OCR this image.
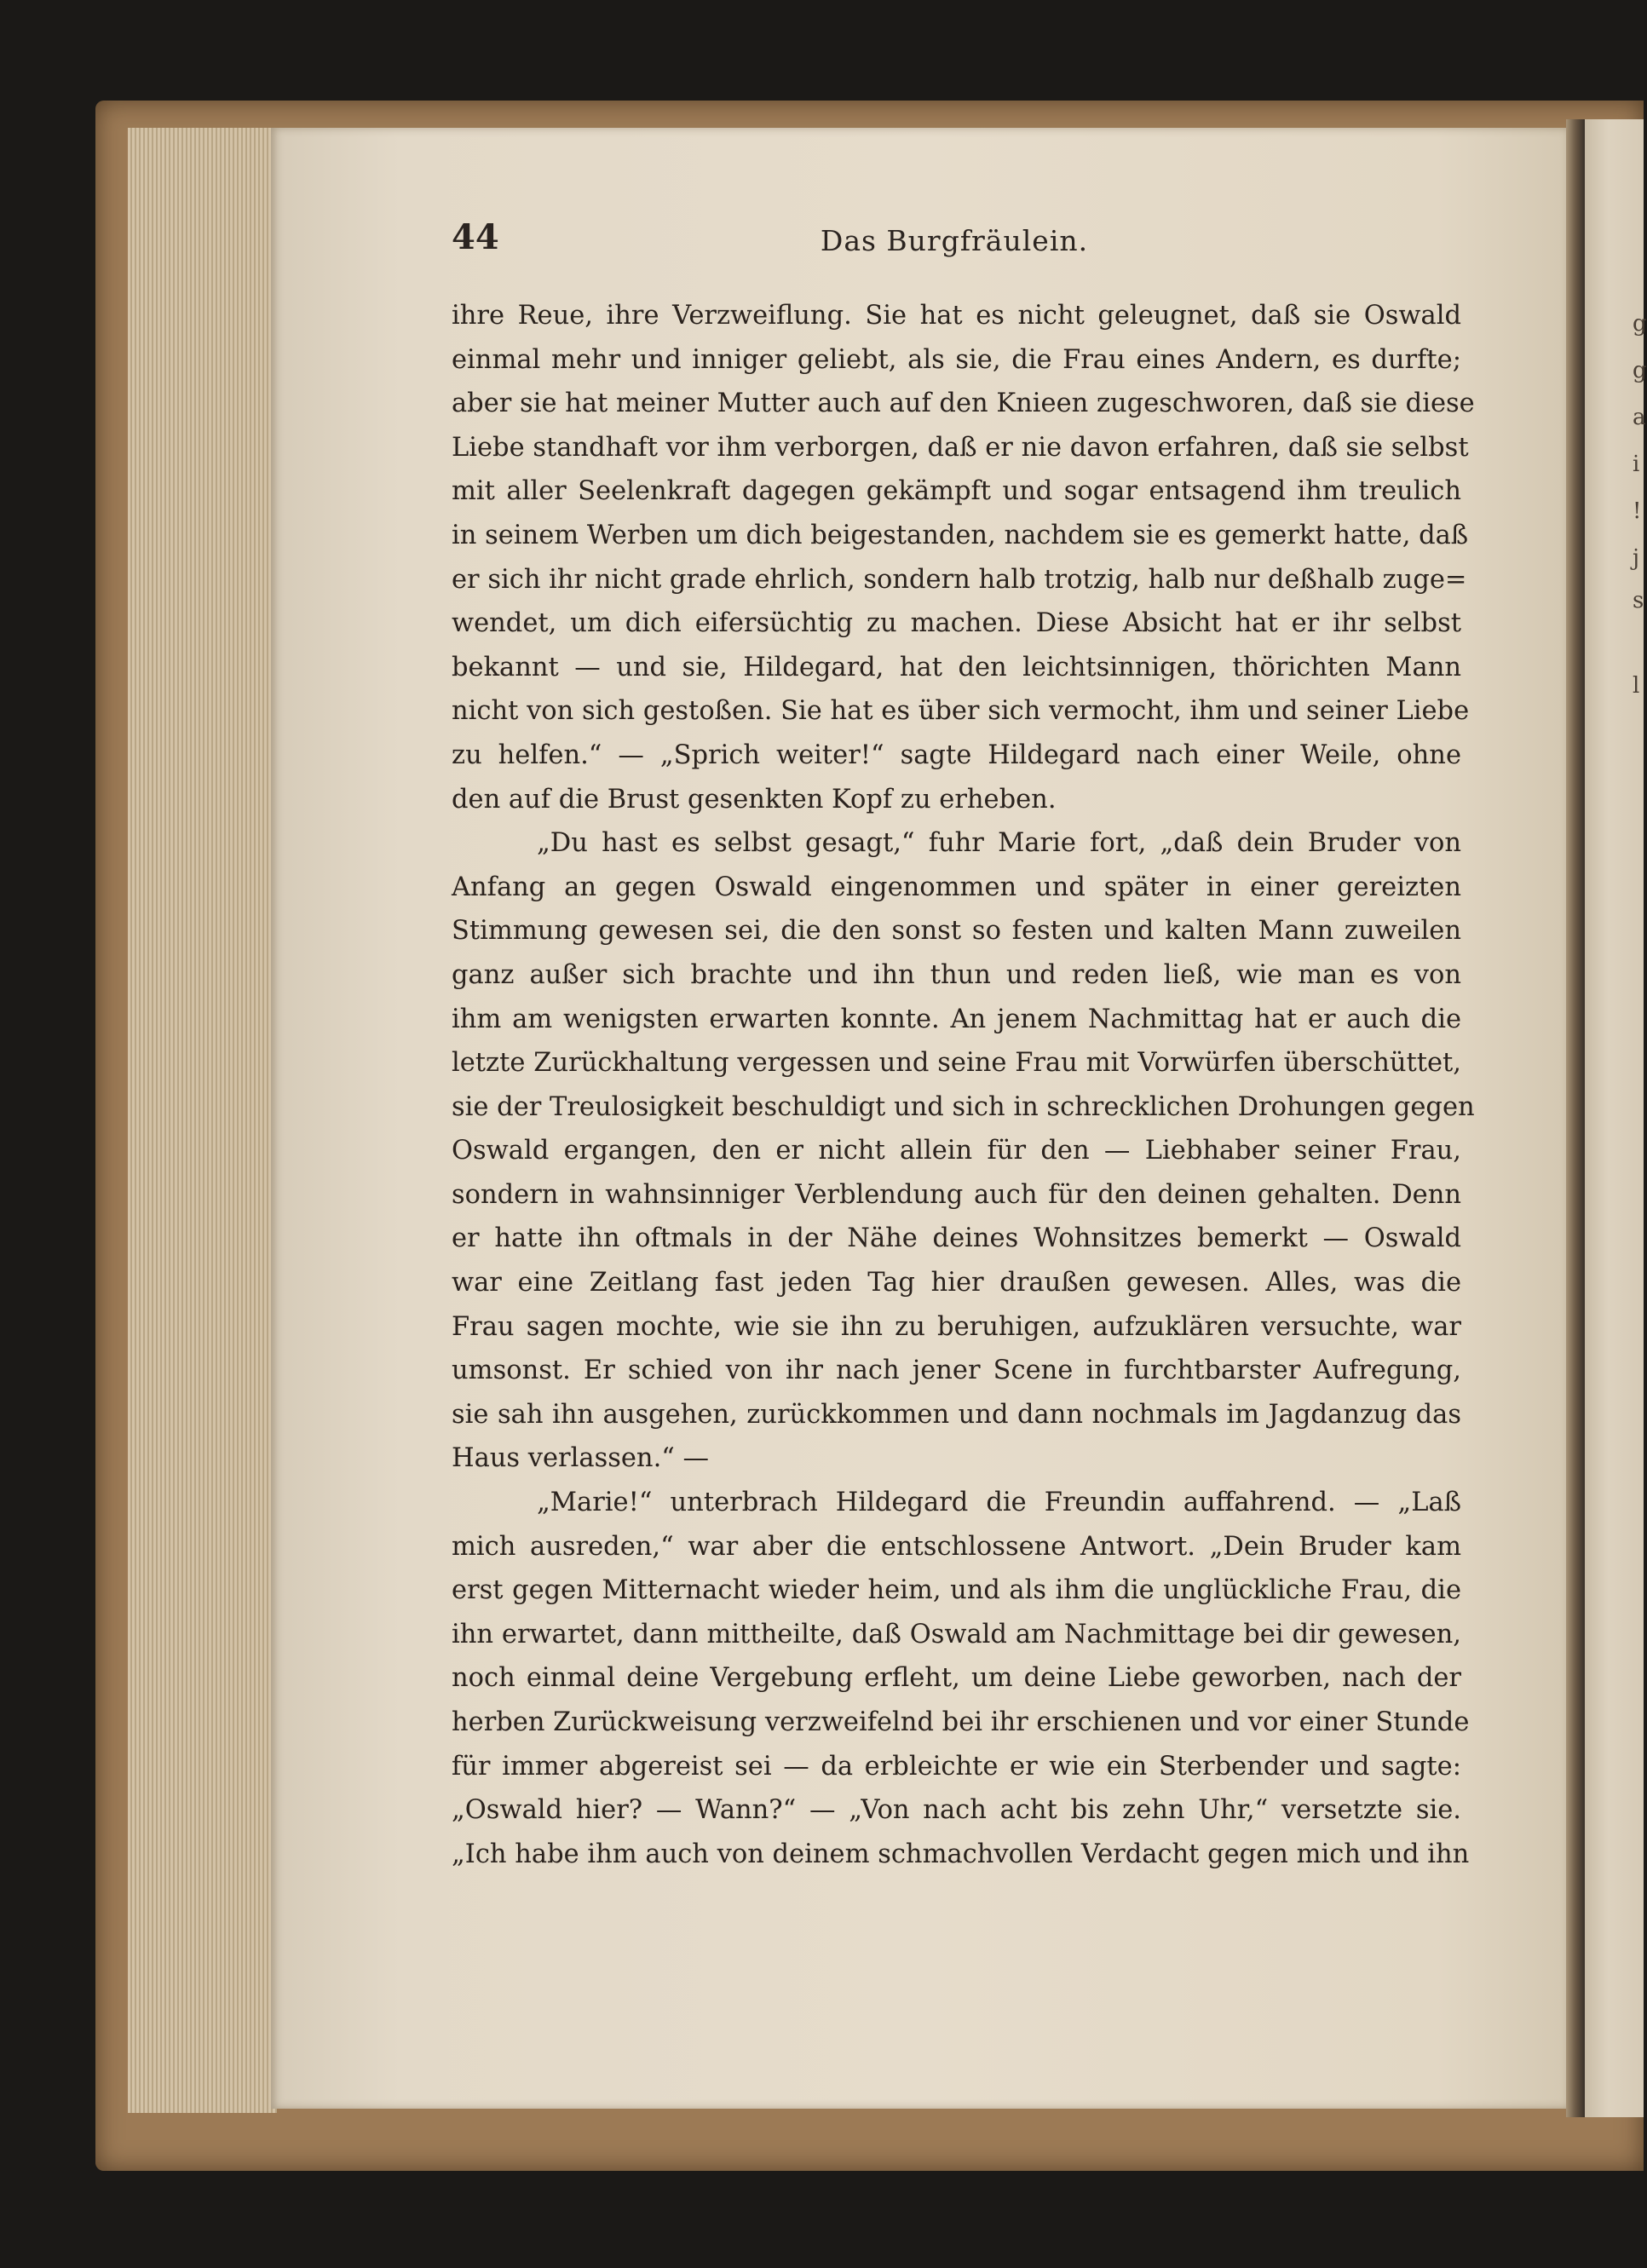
g
g
a
i
!
j
s
l
44	Das Burgfräulein.
ihre Reue, ihre Verzweiflung. Sie hat es nicht geleugnet, daß sie Oswald
einmal mehr und inniger geliebt, als sie, die Frau eines Andern, es durfte;
aber sie hat meiner Mutter auch auf den Knieen zugeschworen, daß sie diese
Liebe standhaft vor ihm verborgen, daß er nie davon erfahren, daß sie selbst
mit aller Seelenkraft dagegen gekämpft und sogar entsagend ihm treulich
in seinem Werben um dich beigestanden, nachdem sie es gemerkt hatte, daß
er sich ihr nicht grade ehrlich, sondern halb trotzig, halb nur deßhalb zuge=
wendet, um dich eifersüchtig zu machen. Diese Absicht hat er ihr selbst
bekannt — und sie, Hildegard, hat den leichtsinnigen, thörichten Mann
nicht von sich gestoßen. Sie hat es über sich vermocht, ihm und seiner Liebe
zu helfen.“ — „Sprich weiter!“ sagte Hildegard nach einer Weile, ohne
den auf die Brust gesenkten Kopf zu erheben.
„Du hast es selbst gesagt,“ fuhr Marie fort, „daß dein Bruder von
Anfang an gegen Oswald eingenommen und später in einer gereizten
Stimmung gewesen sei, die den sonst so festen und kalten Mann zuweilen
ganz außer sich brachte und ihn thun und reden ließ, wie man es von
ihm am wenigsten erwarten konnte. An jenem Nachmittag hat er auch die
letzte Zurückhaltung vergessen und seine Frau mit Vorwürfen überschüttet,
sie der Treulosigkeit beschuldigt und sich in schrecklichen Drohungen gegen
Oswald ergangen, den er nicht allein für den — Liebhaber seiner Frau,
sondern in wahnsinniger Verblendung auch für den deinen gehalten. Denn
er hatte ihn oftmals in der Nähe deines Wohnsitzes bemerkt — Oswald
war eine Zeitlang fast jeden Tag hier draußen gewesen. Alles, was die
Frau sagen mochte, wie sie ihn zu beruhigen, aufzuklären versuchte, war
umsonst. Er schied von ihr nach jener Scene in furchtbarster Aufregung,
sie sah ihn ausgehen, zurückkommen und dann nochmals im Jagdanzug das
Haus verlassen.“ —
„Marie!“ unterbrach Hildegard die Freundin auffahrend. — „Laß
mich ausreden,“ war aber die entschlossene Antwort. „Dein Bruder kam
erst gegen Mitternacht wieder heim, und als ihm die unglückliche Frau, die
ihn erwartet, dann mittheilte, daß Oswald am Nachmittage bei dir gewesen,
noch einmal deine Vergebung erfleht, um deine Liebe geworben, nach der
herben Zurückweisung verzweifelnd bei ihr erschienen und vor einer Stunde
für immer abgereist sei — da erbleichte er wie ein Sterbender und sagte:
„Oswald hier? — Wann?“ — „Von nach acht bis zehn Uhr,“ versetzte sie.
„Ich habe ihm auch von deinem schmachvollen Verdacht gegen mich und ihn
